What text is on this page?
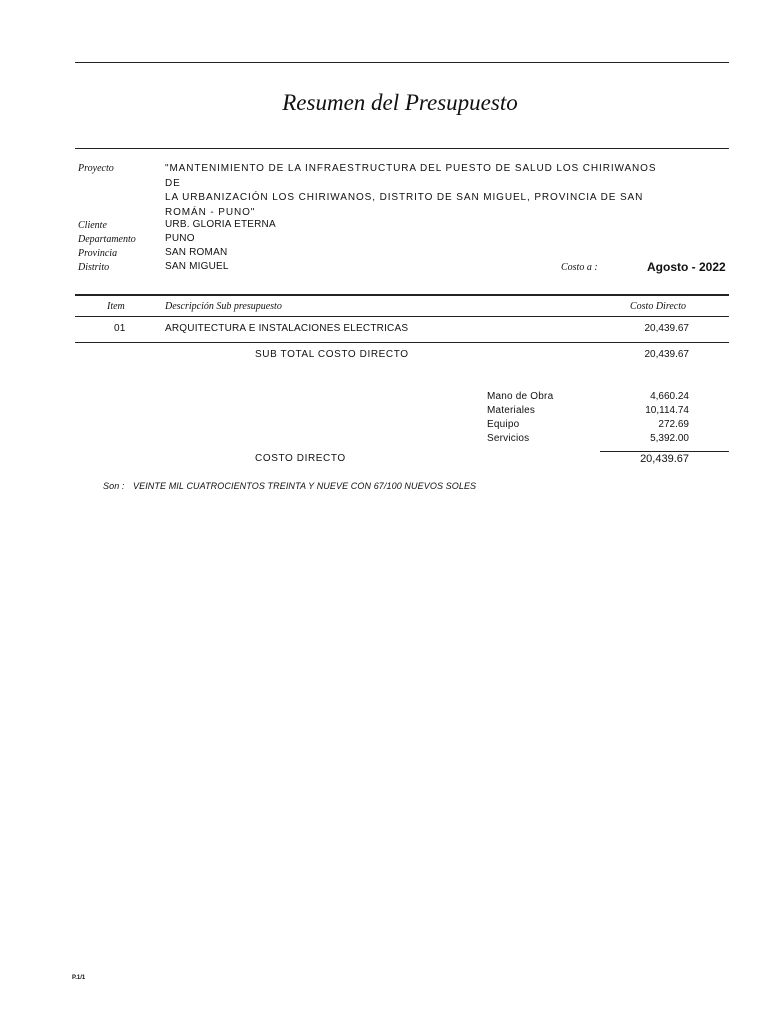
Resumen del Presupuesto
Proyecto	"MANTENIMIENTO DE LA INFRAESTRUCTURA DEL PUESTO DE SALUD LOS CHIRIWANOS DE
LA URBANIZACIÓN LOS CHIRIWANOS, DISTRITO DE SAN MIGUEL, PROVINCIA DE SAN
ROMÁN - PUNO"
Cliente	URB. GLORIA ETERNA
Departamento	PUNO
Provincia	SAN ROMAN
Distrito	SAN MIGUEL	Costo a :	Agosto - 2022
Item	Descripción Sub presupuesto	Costo Directo
01	ARQUITECTURA E INSTALACIONES ELECTRICAS	20,439.67
SUB TOTAL COSTO DIRECTO	20,439.67
Mano de Obra	4,660.24
Materiales	10,114.74
Equipo	272.69
Servicios	5,392.00
COSTO DIRECTO	20,439.67
Son : VEINTE MIL CUATROCIENTOS TREINTA Y NUEVE CON 67/100 NUEVOS SOLES
P.1/1
